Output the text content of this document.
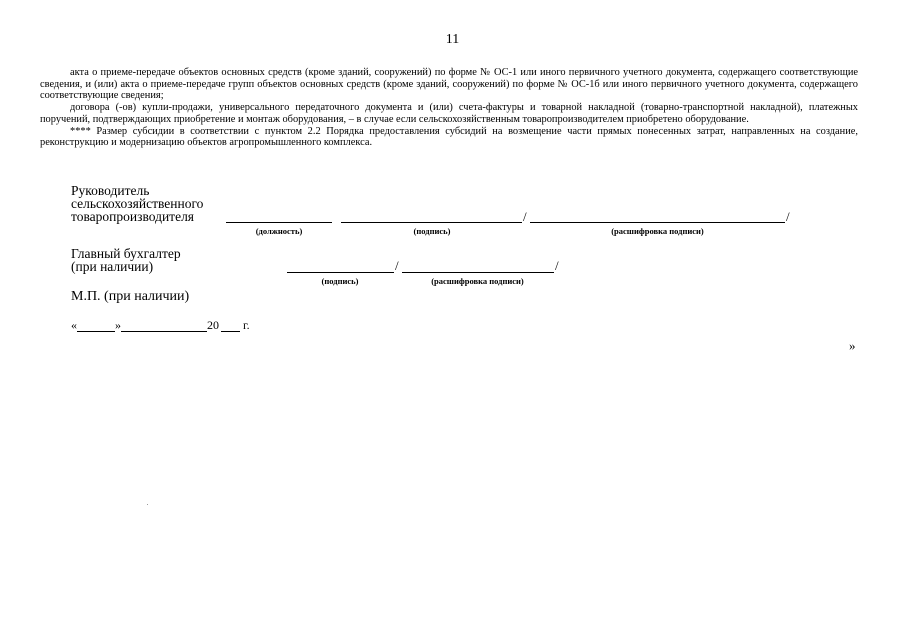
11

акта о приеме-передаче объектов основных средств (кроме зданий, сооружений) по форме № ОС-1 или иного первичного учетного документа, содержащего соответствующие сведения, и (или) акта о приеме-передаче групп объектов основных средств (кроме зданий, сооружений) по форме № ОС-1б или иного первичного учетного документа, содержащего соответствующие сведения;

договора (-ов) купли-продажи, универсального передаточного документа и (или) счета-фактуры и товарной накладной (товарно-транспортной накладной), платежных поручений, подтверждающих приобретение и монтаж оборудования, – в случае если сельскохозяйственным товаропроизводителем приобретено оборудование.

**** Размер субсидии в соответствии с пунктом 2.2 Порядка предоставления субсидий на возмещение части прямых понесенных затрат, направленных на создание, реконструкцию и модернизацию объектов агропромышленного комплекса.

Руководитель
сельскохозяйственного
товаропроизводителя	/	/
(должность)	(подпись)	(расшифровка подписи)
Главный бухгалтер
(при наличии)	/	/
(подпись)	(расшифровка подписи)
М.П. (при наличии)
«	»	20 г.
»
